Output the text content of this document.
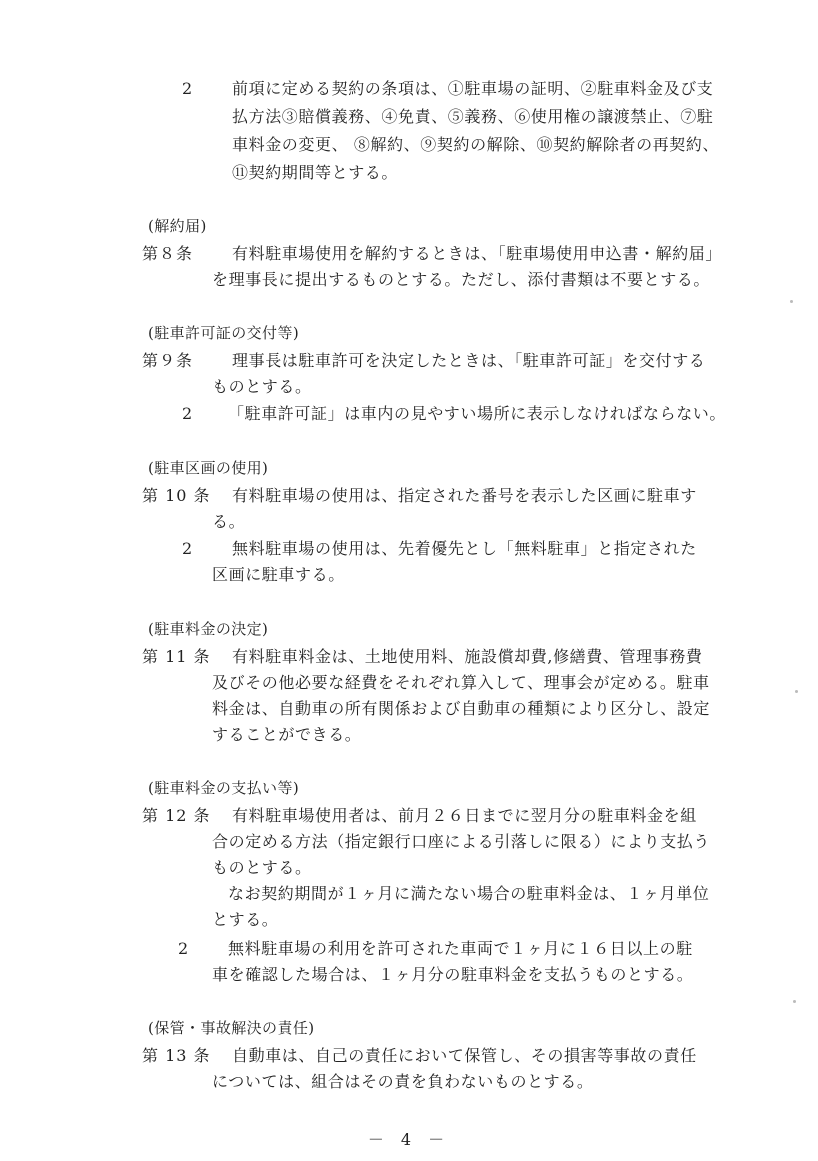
2 前項に定める契約の条項は、①駐車場の証明、②駐車料金及び支
払方法③賠償義務、④免責、⑤義務、⑥使用権の譲渡禁止、⑦駐
車料金の変更、 ⑧解約、⑨契約の解除、⑩契約解除者の再契約、
⑪契約期間等とする。
(解約届)
第８条 有料駐車場使用を解約するときは、「駐車場使用申込書・解約届」
を理事長に提出するものとする。ただし、添付書類は不要とする。
(駐車許可証の交付等)
第９条 理事長は駐車許可を決定したときは、「駐車許可証」を交付する
ものとする。
2 「駐車許可証」は車内の見やすい場所に表示しなければならない。
(駐車区画の使用)
第 10 条 有料駐車場の使用は、指定された番号を表示した区画に駐車す
る。
2 無料駐車場の使用は、先着優先とし「無料駐車」と指定された
区画に駐車する。
(駐車料金の決定)
第 11 条 有料駐車料金は、土地使用料、施設償却費,修繕費、管理事務費
及びその他必要な経費をそれぞれ算入して、理事会が定める。駐車
料金は、自動車の所有関係および自動車の種類により区分し、設定
することができる。
(駐車料金の支払い等)
第 12 条 有料駐車場使用者は、前月２６日までに翌月分の駐車料金を組
合の定める方法（指定銀行口座による引落しに限る）により支払う
ものとする。
なお契約期間が１ヶ月に満たない場合の駐車料金は、１ヶ月単位
とする。
2 無料駐車場の利用を許可された車両で１ヶ月に１６日以上の駐
車を確認した場合は、１ヶ月分の駐車料金を支払うものとする。
(保管・事故解決の責任)
第 13 条 自動車は、自己の責任において保管し、その損害等事故の責任
については、組合はその責を負わないものとする。
－ 4 －
